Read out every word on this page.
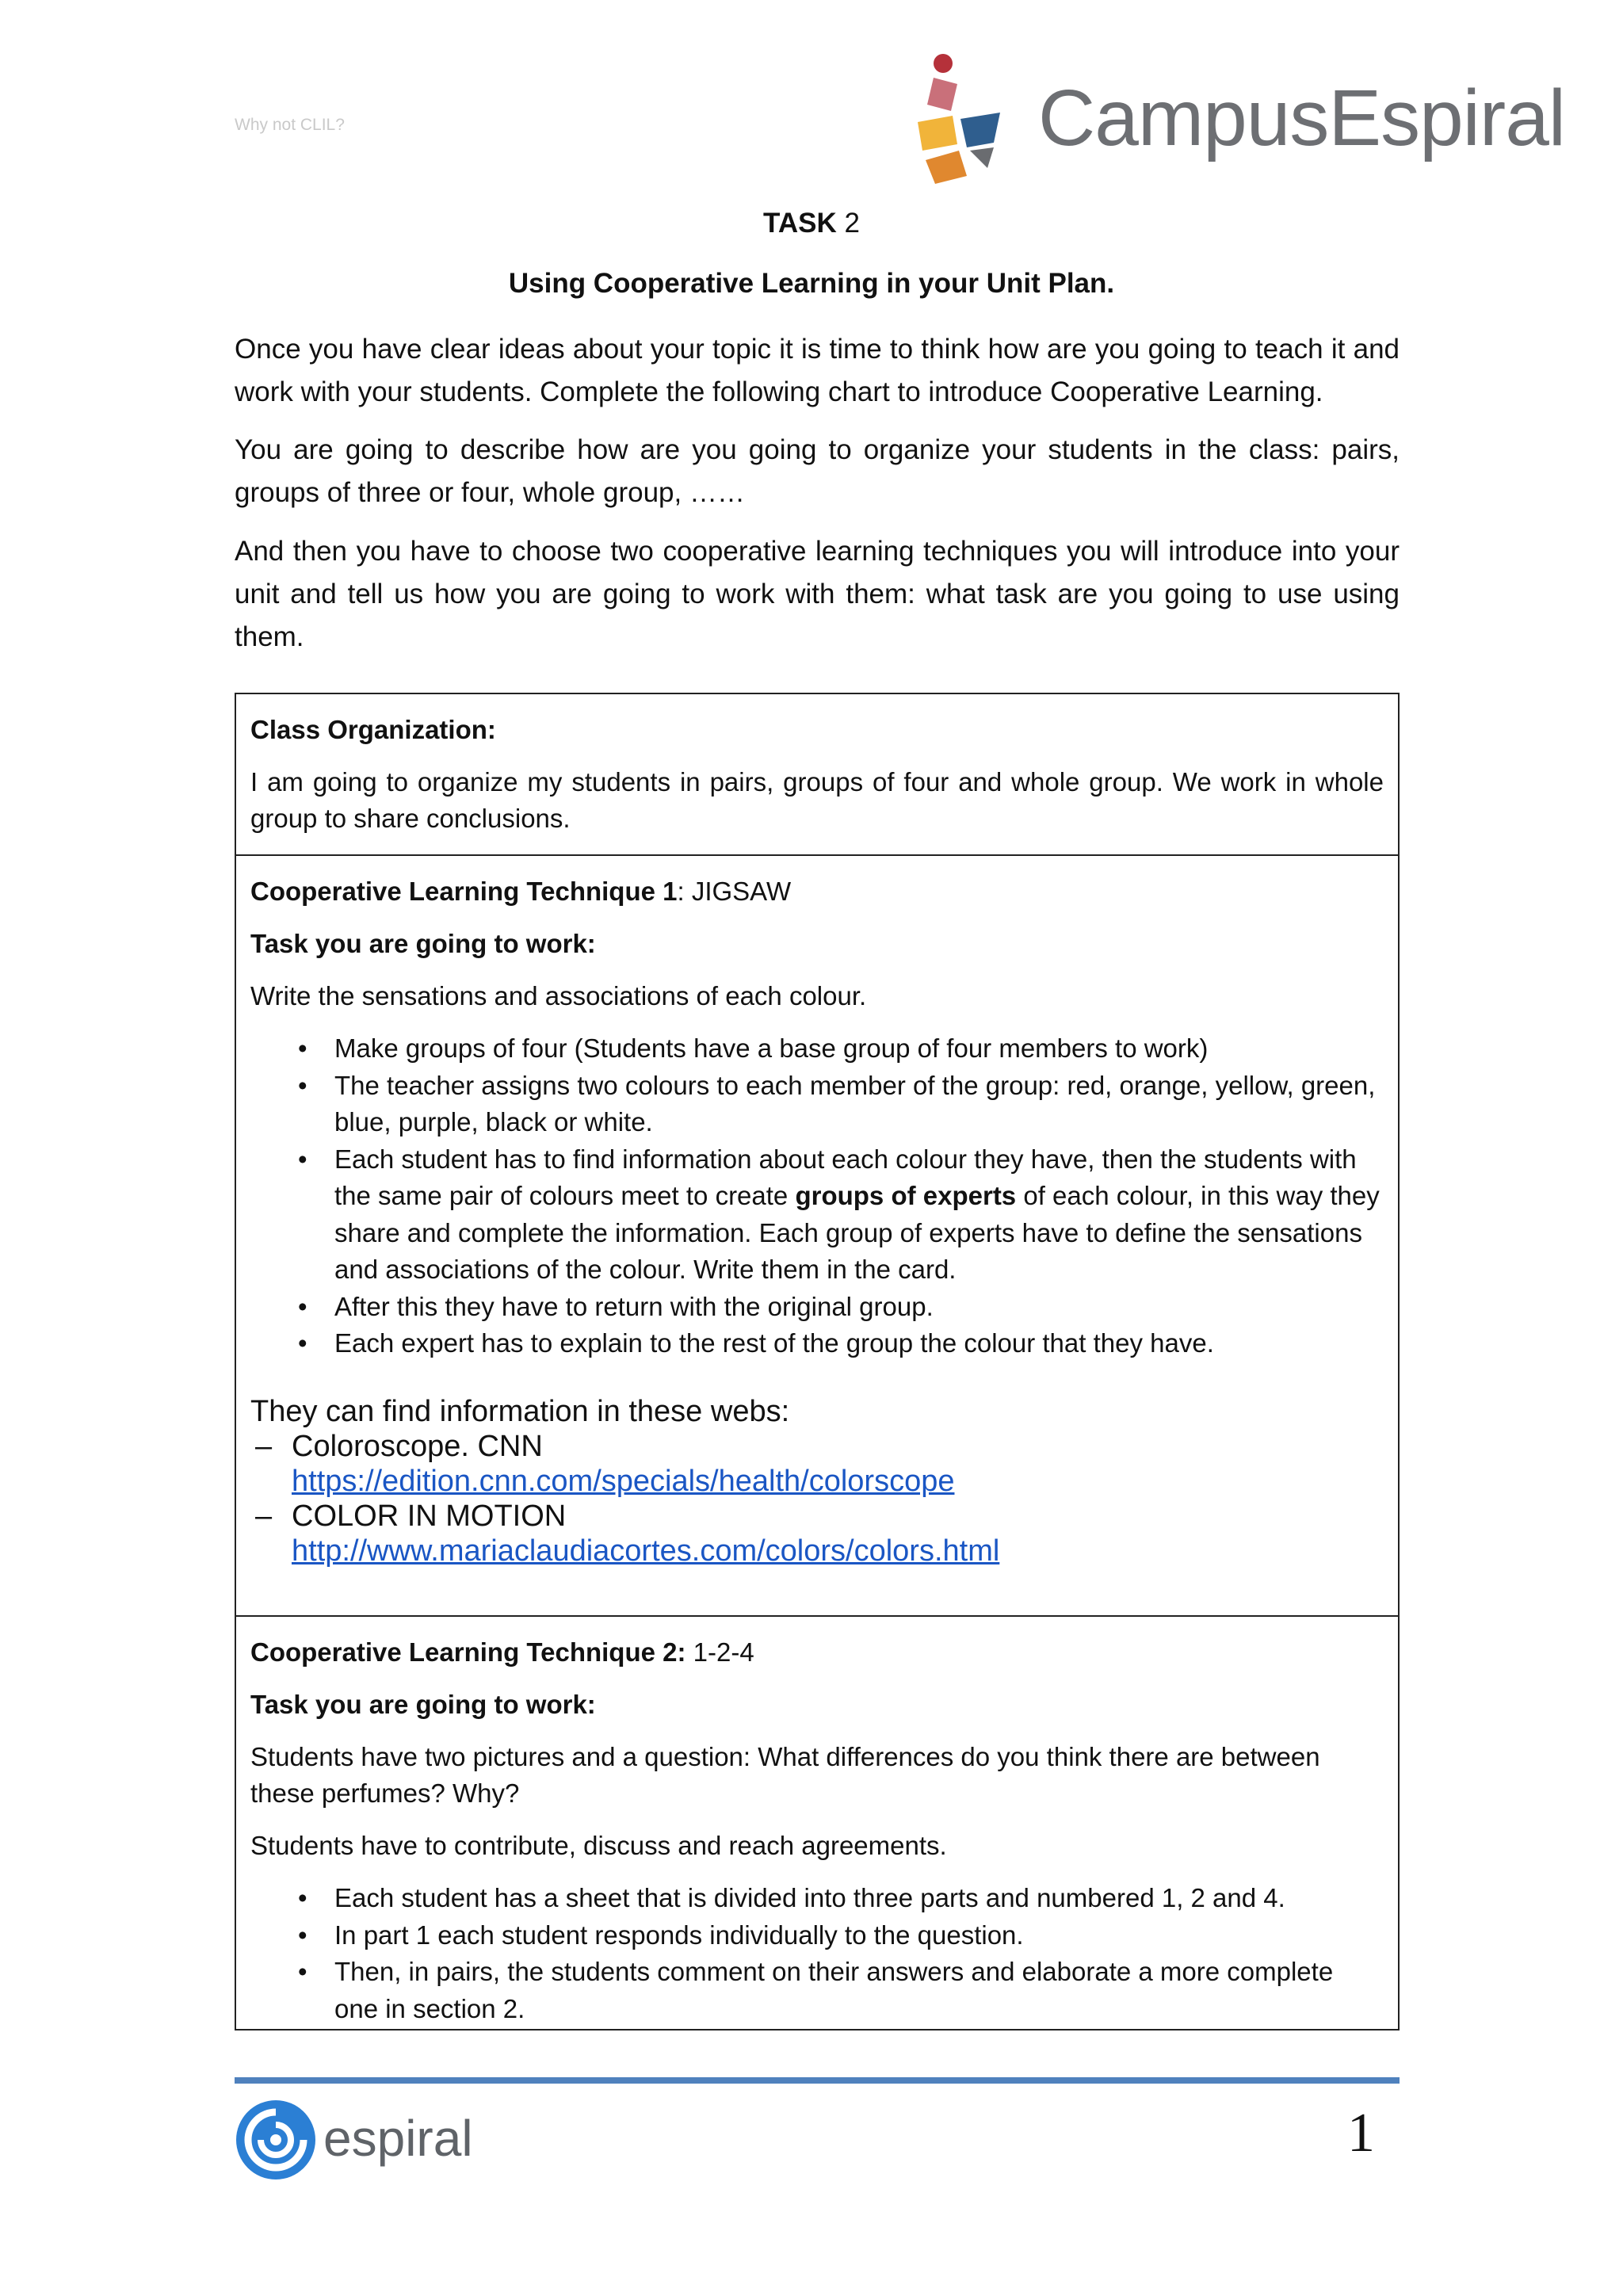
Why not CLIL?	CampusEspiral
TASK 2
Using Cooperative Learning in your Unit Plan.
Once you have clear ideas about your topic it is time to think how are you going to teach it and work with your students. Complete the following chart to introduce Cooperative Learning.
You are going to describe how are you going to organize your students in the class: pairs, groups of three or four, whole group, ……
And then you have to choose two cooperative learning techniques you will introduce into your unit and tell us how you are going to work with them: what task are you going to use using them.

Class Organization:

I am going to organize my students in pairs, groups of four and whole group. We work in whole group to share conclusions.

Cooperative Learning Technique 1: JIGSAW

Task you are going to work:

Write the sensations and associations of each colour.

• Make groups of four (Students have a base group of four members to work)
• The teacher assigns two colours to each member of the group: red, orange, yellow, green, blue, purple, black or white.
• Each student has to find information about each colour they have, then the students with the same pair of colours meet to create groups of experts of each colour, in this way they share and complete the information. Each group of experts have to define the sensations and associations of the colour. Write them in the card.
• After this they have to return with the original group.
• Each expert has to explain to the rest of the group the colour that they have.
They can find information in these webs:
– Coloroscope. CNN
https://edition.cnn.com/specials/health/colorscope
– COLOR IN MOTION
http://www.mariaclaudiacortes.com/colors/colors.html

Cooperative Learning Technique 2: 1-2-4

Task you are going to work:

Students have two pictures and a question: What differences do you think there are between these perfumes? Why?

Students have to contribute, discuss and reach agreements.

• Each student has a sheet that is divided into three parts and numbered 1, 2 and 4.
• In part 1 each student responds individually to the question.
• Then, in pairs, the students comment on their answers and elaborate a more complete one in section 2.
espiral	1
